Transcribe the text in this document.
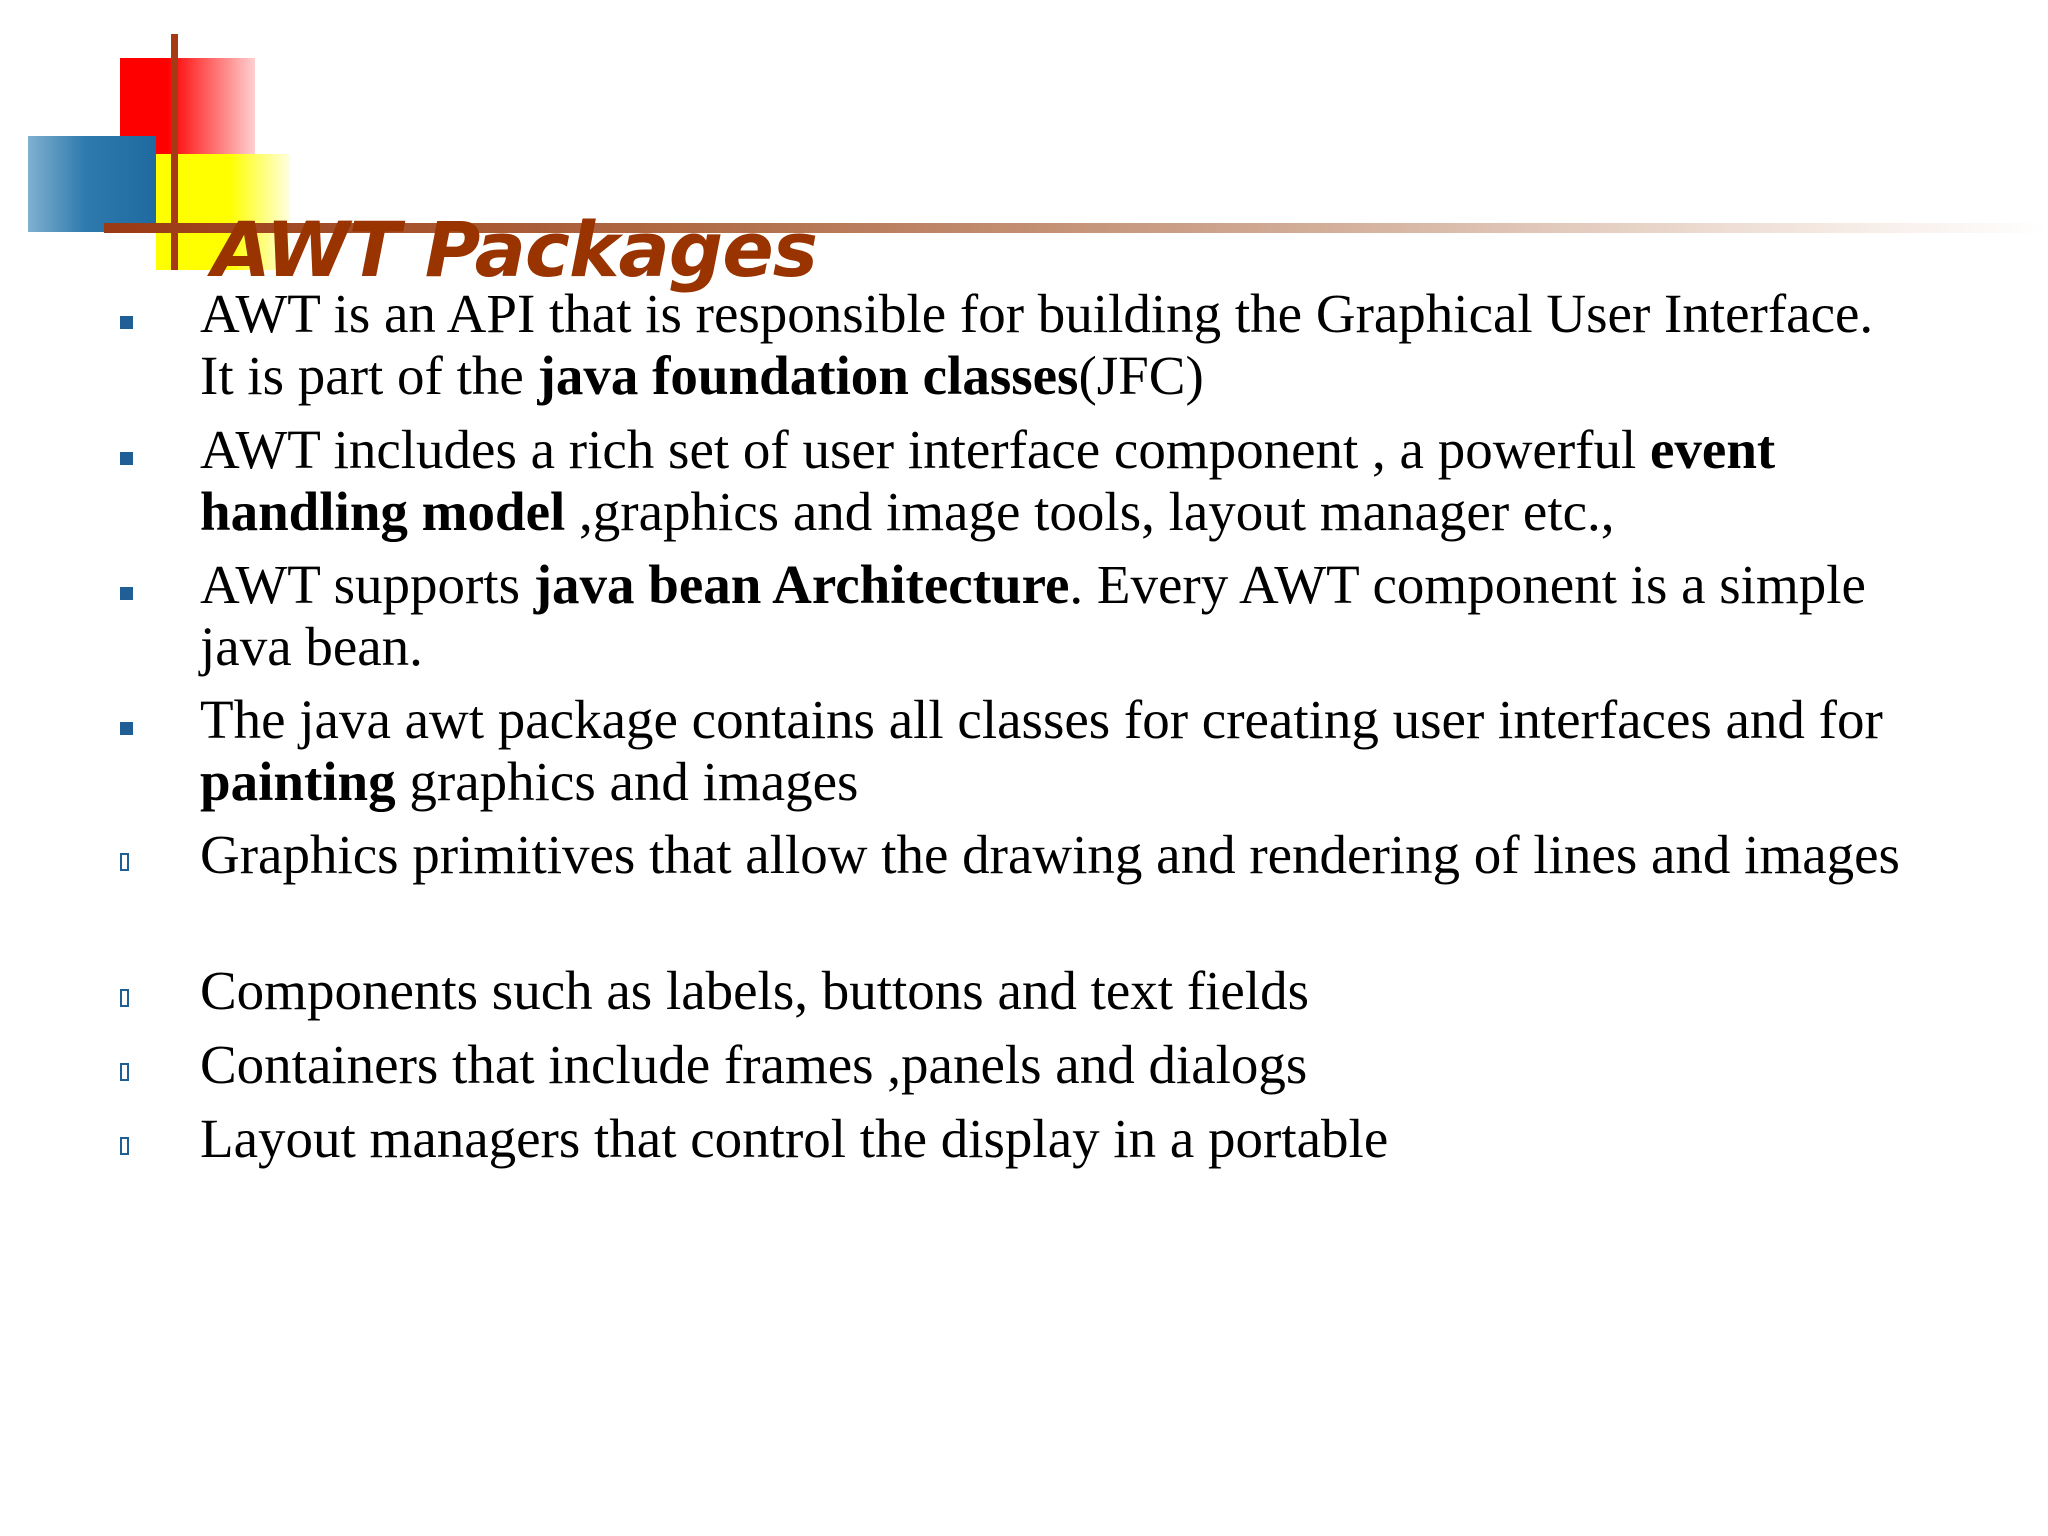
AWT Packages

AWT is an API that is responsible for building the Graphical User Interface. It is part of the java foundation classes(JFC)

AWT includes a rich set of user interface component , a powerful event handling model ,graphics and image tools, layout manager etc.,

AWT supports java bean Architecture. Every AWT component is a simple java bean.

The java awt package contains all classes for creating user interfaces and for painting graphics and images

Graphics primitives that allow the drawing and rendering of lines and images

Components such as labels, buttons and text fields

Containers that include frames ,panels and dialogs

Layout managers that control the display in a portable
